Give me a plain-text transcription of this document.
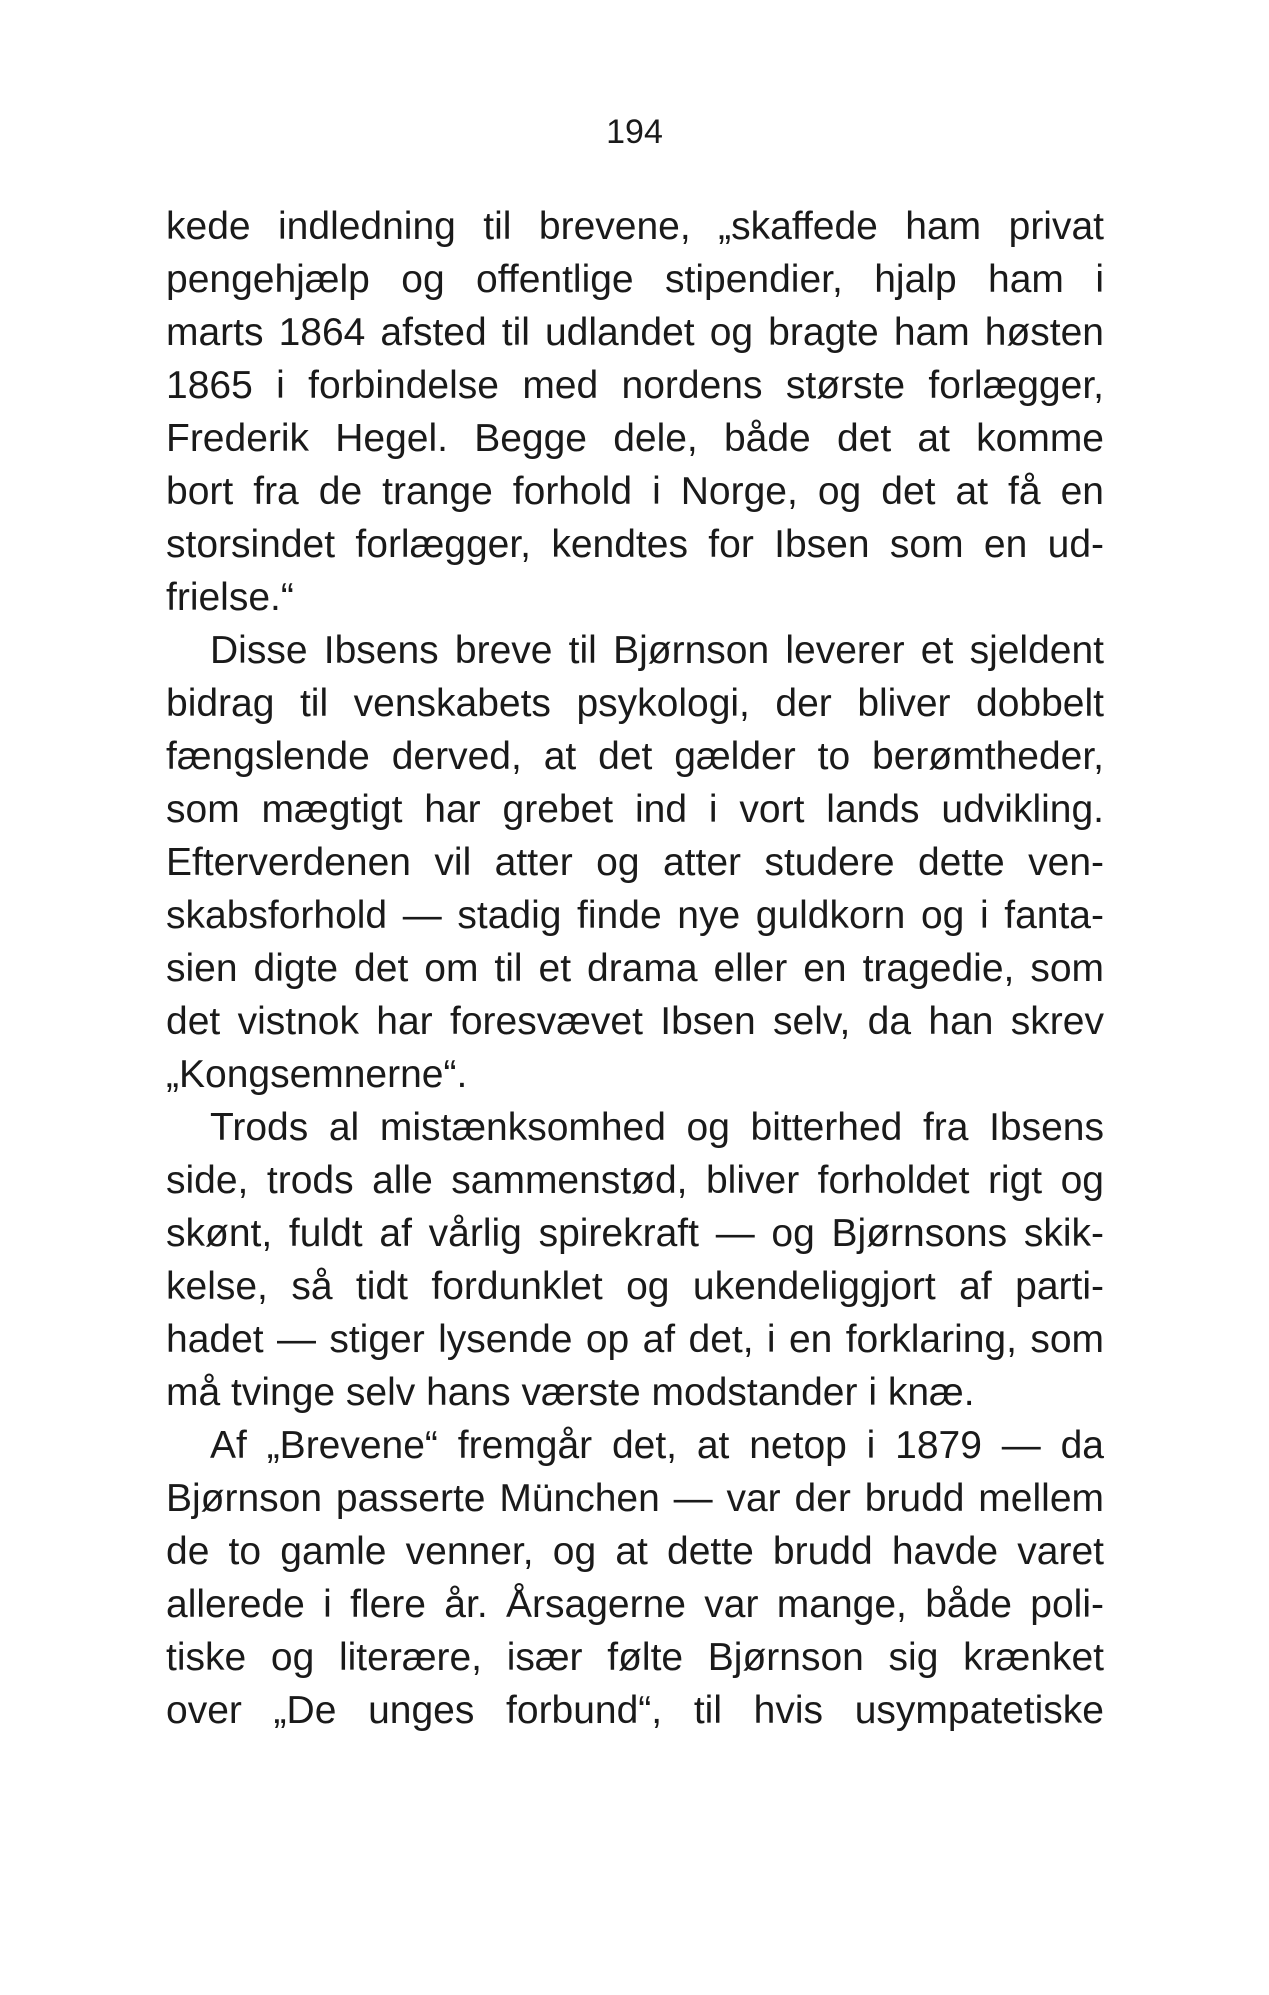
194
kede indledning til brevene, „skaffede ham privat
pengehjælp og offentlige stipendier, hjalp ham i
marts 1864 afsted til udlandet og bragte ham høsten
1865 i forbindelse med nordens største forlægger,
Frederik Hegel. Begge dele, både det at komme
bort fra de trange forhold i Norge, og det at få en
storsindet forlægger, kendtes for Ibsen som en ud-
frielse.“
Disse Ibsens breve til Bjørnson leverer et sjeldent
bidrag til venskabets psykologi, der bliver dobbelt
fængslende derved, at det gælder to berømtheder,
som mægtigt har grebet ind i vort lands udvikling.
Efterverdenen vil atter og atter studere dette ven-
skabsforhold — stadig finde nye guldkorn og i fanta-
sien digte det om til et drama eller en tragedie, som
det vistnok har foresvævet Ibsen selv, da han skrev
„Kongsemnerne“.
Trods al mistænksomhed og bitterhed fra Ibsens
side, trods alle sammenstød, bliver forholdet rigt og
skønt, fuldt af vårlig spirekraft — og Bjørnsons skik-
kelse, så tidt fordunklet og ukendeliggjort af parti-
hadet — stiger lysende op af det, i en forklaring, som
må tvinge selv hans værste modstander i knæ.
Af „Brevene“ fremgår det, at netop i 1879 — da
Bjørnson passerte München — var der brudd mellem
de to gamle venner, og at dette brudd havde varet
allerede i flere år. Årsagerne var mange, både poli-
tiske og literære, især følte Bjørnson sig krænket
over „De unges forbund“, til hvis usympatetiske
